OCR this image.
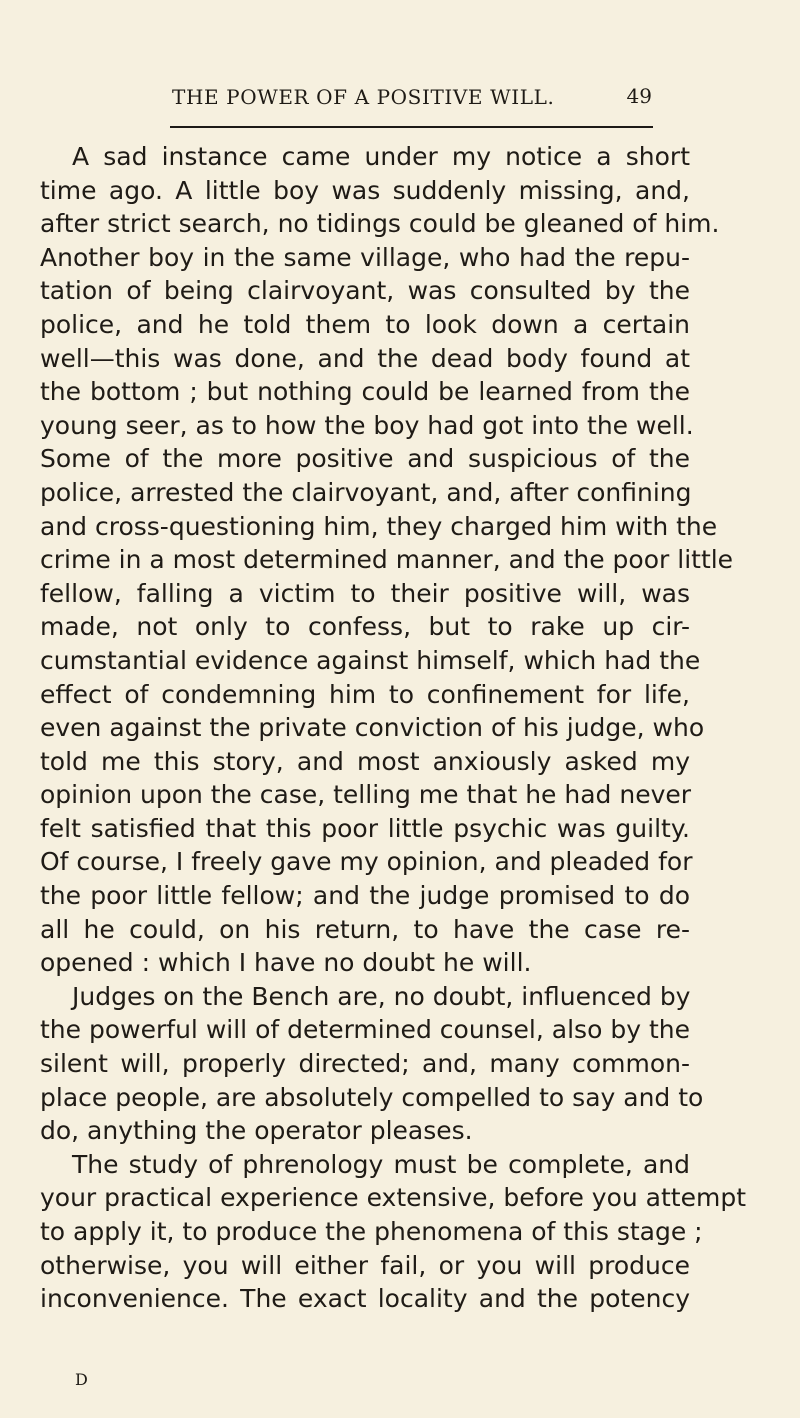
THE POWER OF A POSITIVE WILL.	49
A sad instance came under my notice a short
time ago. A little boy was suddenly missing, and,
after strict search, no tidings could be gleaned of him.
Another boy in the same village, who had the repu-
tation of being clairvoyant, was consulted by the
police, and he told them to look down a certain
well—this was done, and the dead body found at
the bottom ; but nothing could be learned from the
young seer, as to how the boy had got into the well.
Some of the more positive and suspicious of the
police, arrested the clairvoyant, and, after confining
and cross-questioning him, they charged him with the
crime in a most determined manner, and the poor little
fellow, falling a victim to their positive will, was
made, not only to confess, but to rake up cir-
cumstantial evidence against himself, which had the
effect of condemning him to confinement for life,
even against the private conviction of his judge, who
told me this story, and most anxiously asked my
opinion upon the case, telling me that he had never
felt satisfied that this poor little psychic was guilty.
Of course, I freely gave my opinion, and pleaded for
the poor little fellow; and the judge promised to do
all he could, on his return, to have the case re-
opened : which I have no doubt he will.
Judges on the Bench are, no doubt, influenced by
the powerful will of determined counsel, also by the
silent will, properly directed; and, many common-
place people, are absolutely compelled to say and to
do, anything the operator pleases.
The study of phrenology must be complete, and
your practical experience extensive, before you attempt
to apply it, to produce the phenomena of this stage ;
otherwise, you will either fail, or you will produce
inconvenience. The exact locality and the potency
D
